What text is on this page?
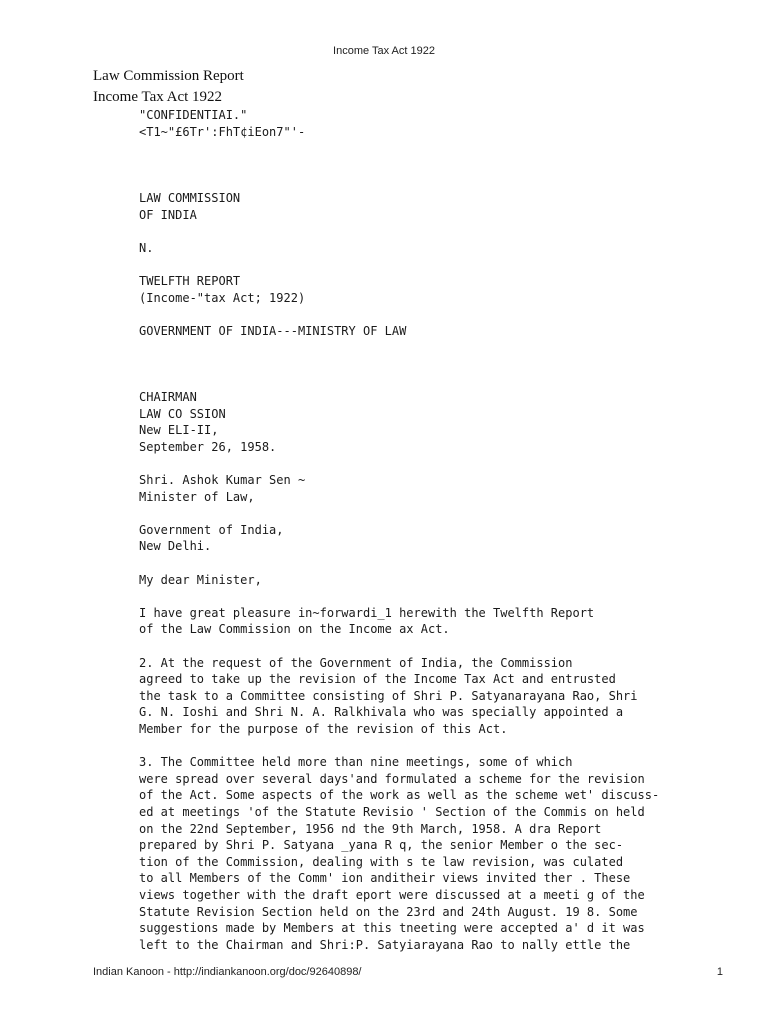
Income Tax Act 1922
Law Commission Report
Income Tax Act 1922
"CONFIDENTIAI."
<T1~"£6Tr':FhT¢iEon7"'-

LAW COMMISSION
OF INDIA

N.

TWELFTH REPORT
(Income-"tax Act; 1922)

GOVERNMENT OF INDIA---MINISTRY OF LAW

CHAIRMAN
LAW CO SSION
New ELI-II,
September 26, 1958.

Shri. Ashok Kumar Sen ~
Minister of Law,

Government of India,
New Delhi.

My dear Minister,

I have great pleasure in~forwardi_1 herewith the Twelfth Report
of the Law Commission on the Income ax Act.

2. At the request of the Government of India, the Commission
agreed to take up the revision of the Income Tax Act and entrusted
the task to a Committee consisting of Shri P. Satyanarayana Rao, Shri
G. N. Ioshi and Shri N. A. Ralkhivala who was specially appointed a
Member for the purpose of the revision of this Act.

3. The Committee held more than nine meetings, some of which
were spread over several days'and formulated a scheme for the revision
of the Act. Some aspects of the work as well as the scheme wet' discuss-
ed at meetings 'of the Statute Revisio ' Section of the Commis on held
on the 22nd September, 1956 nd the 9th March, 1958. A dra Report
prepared by Shri P. Satyana _yana R q, the senior Member o the sec-
tion of the Commission, dealing with s te law revision, was culated
to all Members of the Comm' ion anditheir views invited ther . These
views together with the draft eport were discussed at a meeti g of the
Statute Revision Section held on the 23rd and 24th August. 19 8. Some
suggestions made by Members at this tneeting were accepted a' d it was
left to the Chairman and Shri:P. Satyiarayana Rao to nally ettle the
Indian Kanoon - http://indiankanoon.org/doc/92640898/	1
